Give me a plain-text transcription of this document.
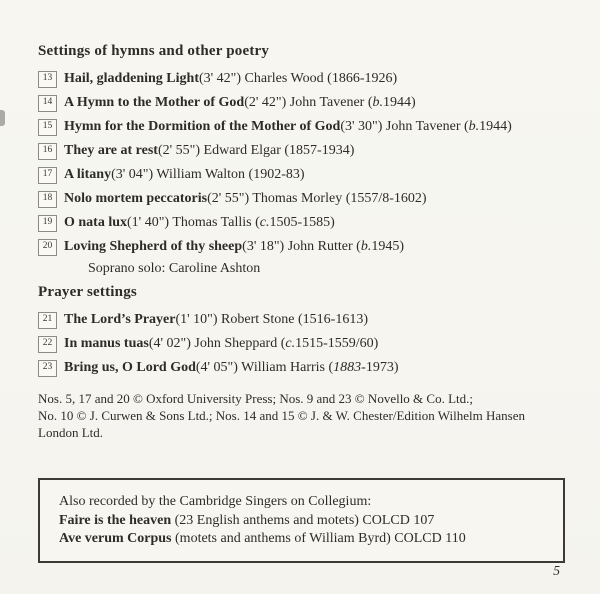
Settings of hymns and other poetry
13 Hail, gladdening Light (3' 42") Charles Wood (1866-1926)
14 A Hymn to the Mother of God (2' 42") John Tavener ( b. 1944)
15 Hymn for the Dormition of the Mother of God (3' 30") John Tavener ( b. 1944)
16 They are at rest (2' 55") Edward Elgar (1857-1934)
17 A litany (3' 04") William Walton (1902-83)
18 Nolo mortem peccatoris (2' 55") Thomas Morley (1557/8-1602)
19 O nata lux (1' 40") Thomas Tallis ( c. 1505-1585)
20 Loving Shepherd of thy sheep (3' 18") John Rutter ( b. 1945)
Soprano solo: Caroline Ashton
Prayer settings
21 The Lord’s Prayer (1' 10") Robert Stone (1516-1613)
22 In manus tuas (4' 02") John Sheppard ( c. 1515-1559/60)
23 Bring us, O Lord God (4' 05") William Harris ( 1883 -1973)
Nos. 5, 17 and 20 © Oxford University Press; Nos. 9 and 23 © Novello & Co. Ltd.;
No. 10 © J. Curwen & Sons Ltd.; Nos. 14 and 15 © J. & W. Chester/Edition Wilhelm Hansen
London Ltd.
Also recorded by the Cambridge Singers on Collegium:
Faire is the heaven (23 English anthems and motets) COLCD 107
Ave verum Corpus (motets and anthems of William Byrd) COLCD 110
5
